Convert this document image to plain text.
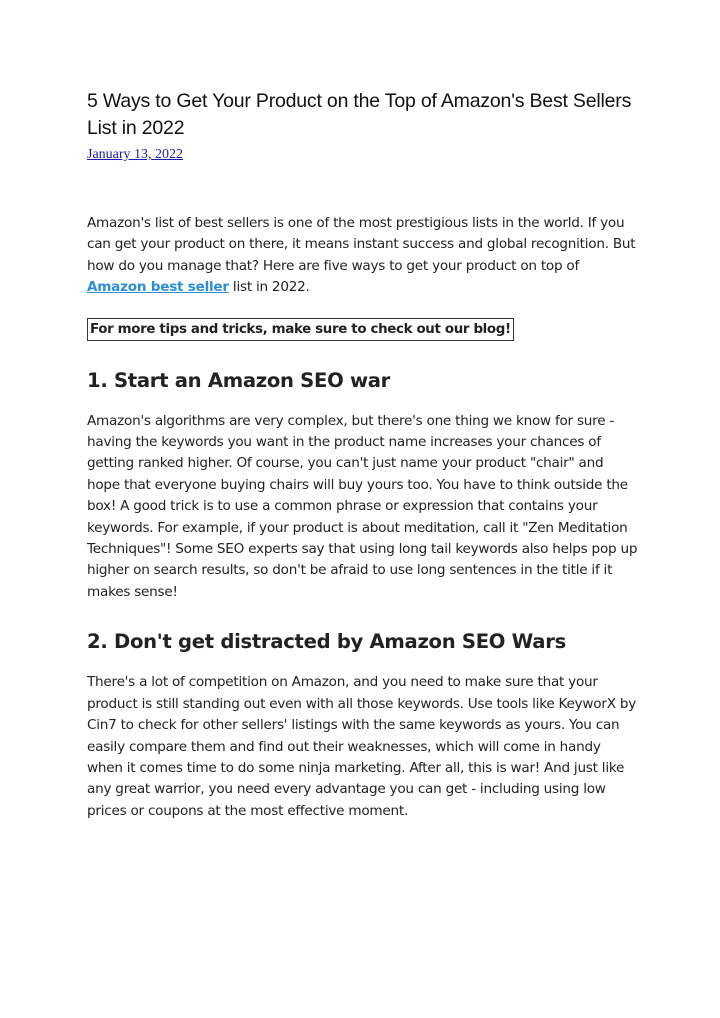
5 Ways to Get Your Product on the Top of Amazon's Best Sellers List in 2022
January 13, 2022

Amazon's list of best sellers is one of the most prestigious lists in the world. If you can get your product on there, it means instant success and global recognition. But how do you manage that? Here are five ways to get your product on top of Amazon best seller list in 2022.

For more tips and tricks, make sure to check out our blog!
1. Start an Amazon SEO war

Amazon's algorithms are very complex, but there's one thing we know for sure - having the keywords you want in the product name increases your chances of getting ranked higher. Of course, you can't just name your product "chair" and hope that everyone buying chairs will buy yours too. You have to think outside the box! A good trick is to use a common phrase or expression that contains your keywords. For example, if your product is about meditation, call it "Zen Meditation Techniques"! Some SEO experts say that using long tail keywords also helps pop up higher on search results, so don't be afraid to use long sentences in the title if it makes sense!

2. Don't get distracted by Amazon SEO Wars

There's a lot of competition on Amazon, and you need to make sure that your product is still standing out even with all those keywords. Use tools like KeyworX by Cin7 to check for other sellers' listings with the same keywords as yours. You can easily compare them and find out their weaknesses, which will come in handy when it comes time to do some ninja marketing. After all, this is war! And just like any great warrior, you need every advantage you can get - including using low prices or coupons at the most effective moment.
